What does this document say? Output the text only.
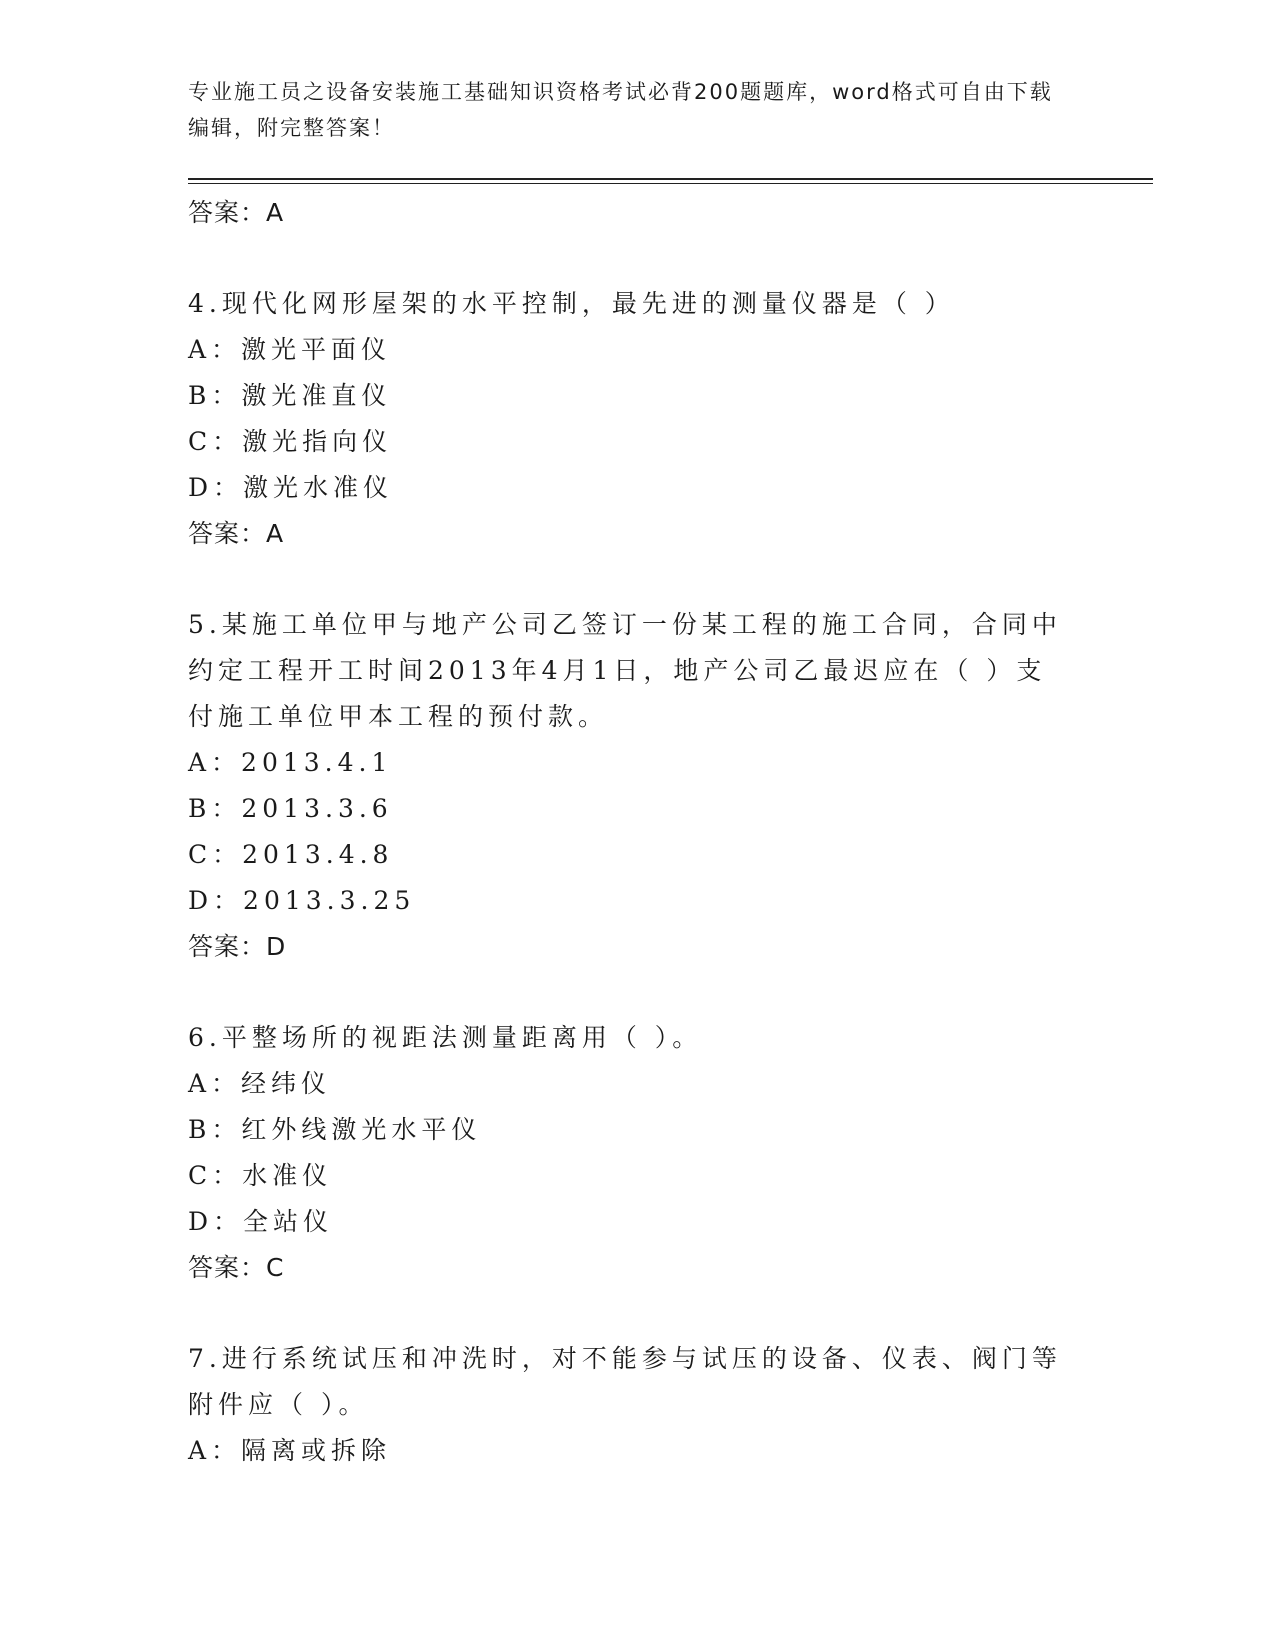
专业施工员之设备安装施工基础知识资格考试必背200题题库，word格式可自由下载编辑，附完整答案！

答案：A

4.现代化网形屋架的水平控制，最先进的测量仪器是（ ）

A：激光平面仪

B：激光准直仪

C：激光指向仪

D：激光水准仪

答案：A

5.某施工单位甲与地产公司乙签订一份某工程的施工合同，合同中约定工程开工时间2013年4月1日，地产公司乙最迟应在（ ）支付施工单位甲本工程的预付款。

A：2013.4.1

B：2013.3.6

C：2013.4.8

D：2013.3.25

答案：D

6.平整场所的视距法测量距离用（ ）。

A：经纬仪

B：红外线激光水平仪

C：水准仪

D：全站仪

答案：C

7.进行系统试压和冲洗时，对不能参与试压的设备、仪表、阀门等附件应（ ）。

A：隔离或拆除
